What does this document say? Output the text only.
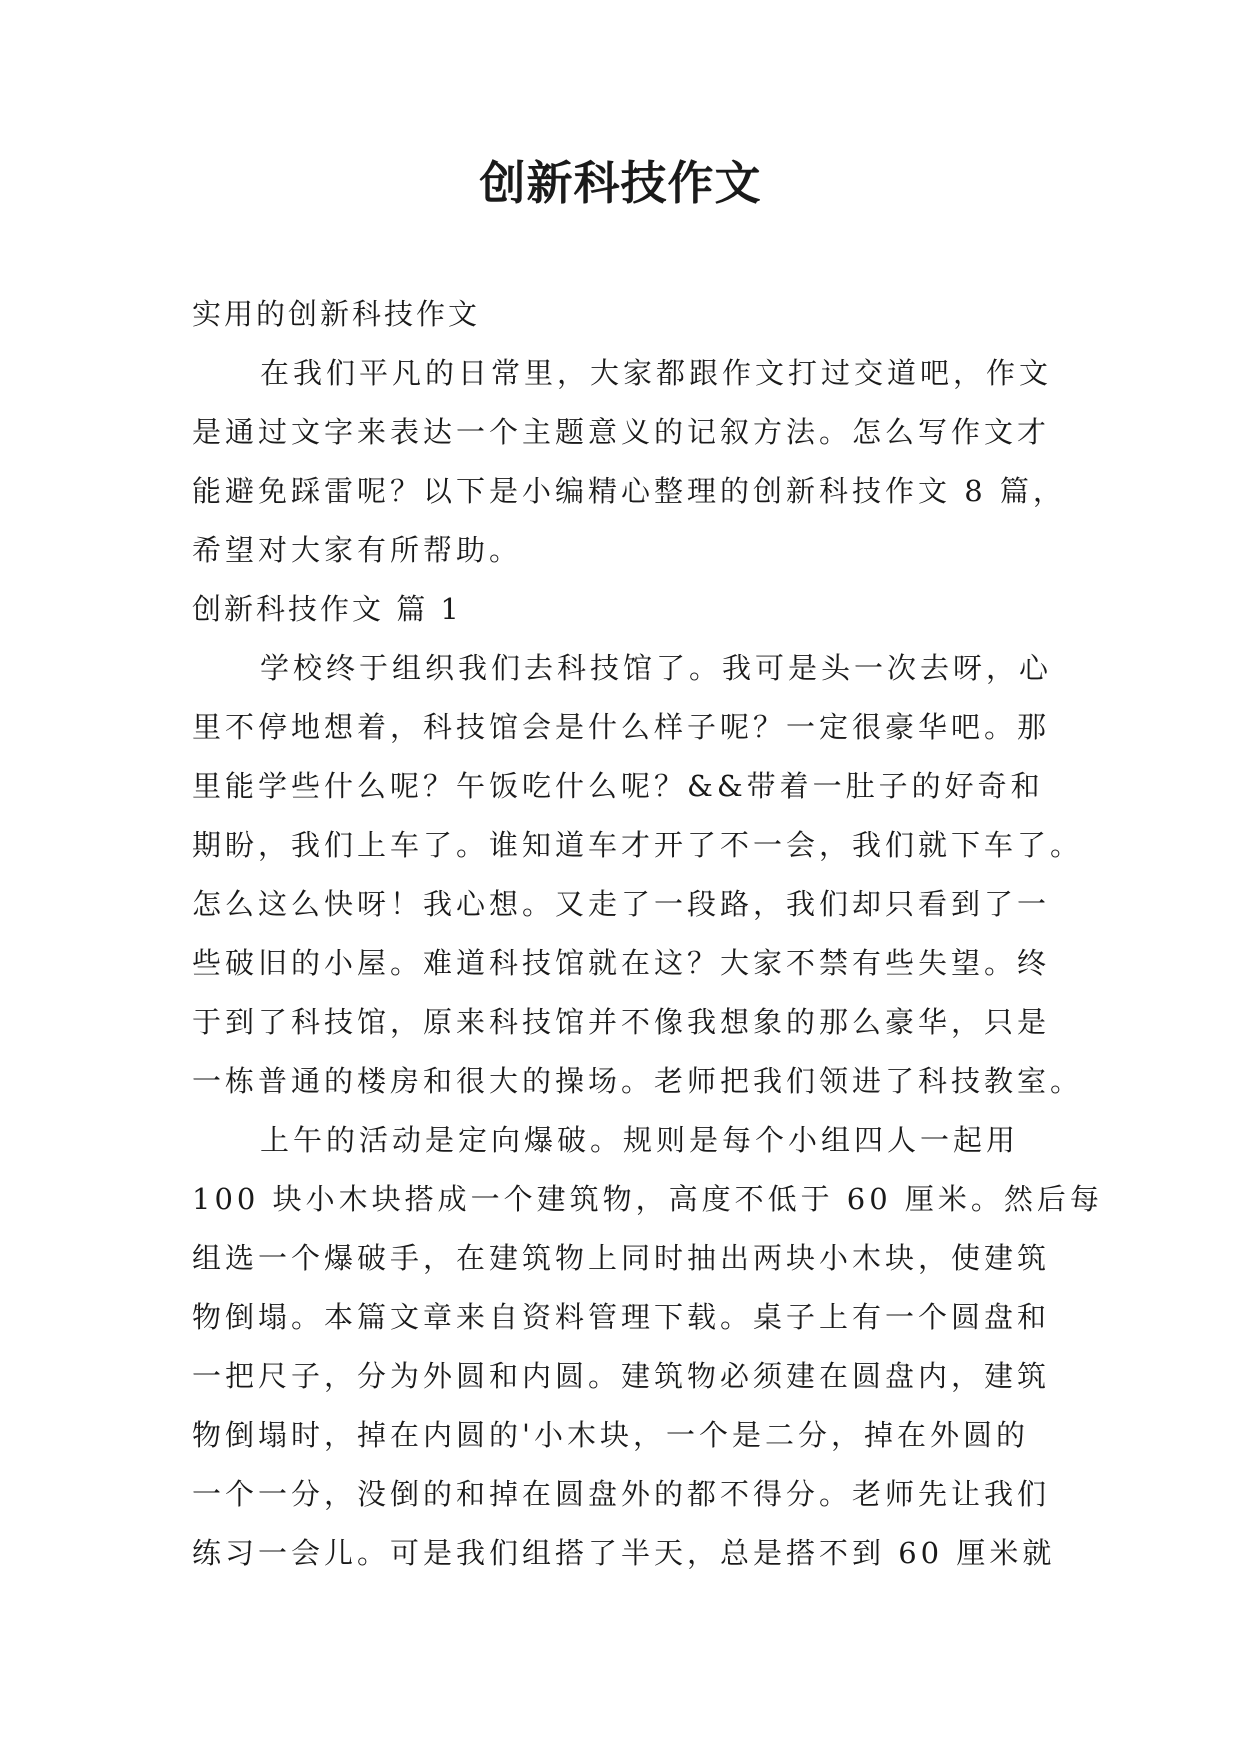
创新科技作文

实用的创新科技作文

在我们平凡的日常里，大家都跟作文打过交道吧，作文

是通过文字来表达一个主题意义的记叙方法。怎么写作文才

能避免踩雷呢？以下是小编精心整理的创新科技作文 8 篇，

希望对大家有所帮助。

创新科技作文 篇 1

学校终于组织我们去科技馆了。我可是头一次去呀，心

里不停地想着，科技馆会是什么样子呢？一定很豪华吧。那

里能学些什么呢？午饭吃什么呢？&&带着一肚子的好奇和

期盼，我们上车了。谁知道车才开了不一会，我们就下车了。

怎么这么快呀！我心想。又走了一段路，我们却只看到了一

些破旧的小屋。难道科技馆就在这？大家不禁有些失望。终

于到了科技馆，原来科技馆并不像我想象的那么豪华，只是

一栋普通的楼房和很大的操场。老师把我们领进了科技教室。

上午的活动是定向爆破。规则是每个小组四人一起用

100 块小木块搭成一个建筑物，高度不低于 60 厘米。然后每

组选一个爆破手，在建筑物上同时抽出两块小木块，使建筑

物倒塌。本篇文章来自资料管理下载。桌子上有一个圆盘和

一把尺子，分为外圆和内圆。建筑物必须建在圆盘内，建筑

物倒塌时，掉在内圆的'小木块，一个是二分，掉在外圆的

一个一分，没倒的和掉在圆盘外的都不得分。老师先让我们

练习一会儿。可是我们组搭了半天，总是搭不到 60 厘米就
